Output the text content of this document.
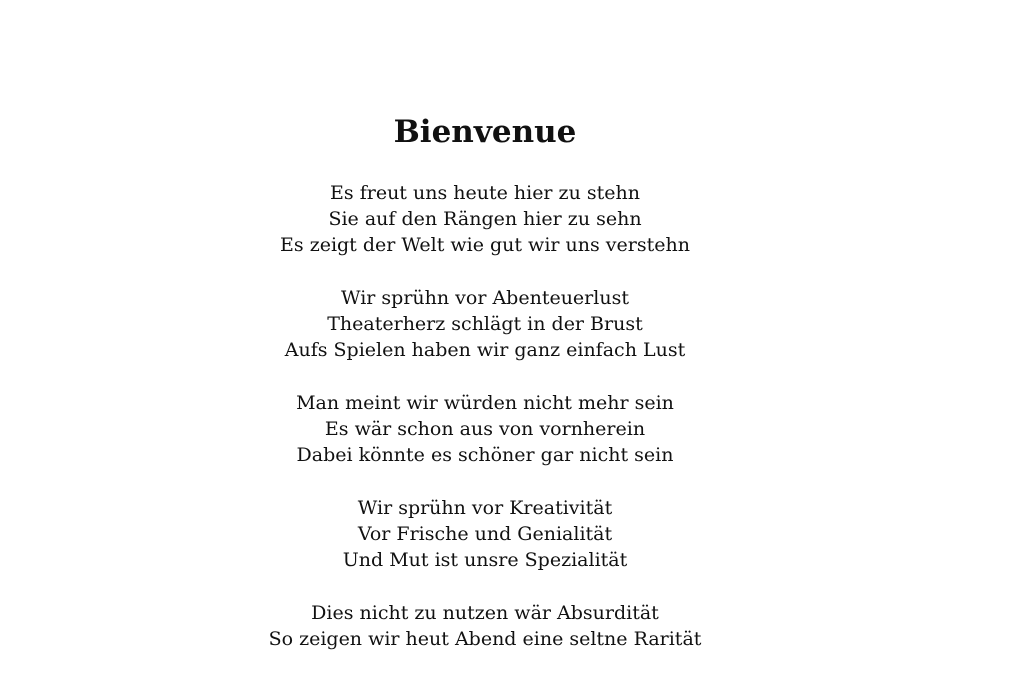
Bienvenue
Es freut uns heute hier zu stehn
Sie auf den Rängen hier zu sehn
Es zeigt der Welt wie gut wir uns verstehn
Wir sprühn vor Abenteuerlust
Theaterherz schlägt in der Brust
Aufs Spielen haben wir ganz einfach Lust
Man meint wir würden nicht mehr sein
Es wär schon aus von vornherein
Dabei könnte es schöner gar nicht sein
Wir sprühn vor Kreativität
Vor Frische und Genialität
Und Mut ist unsre Spezialität
Dies nicht zu nutzen wär Absurdität
So zeigen wir heut Abend eine seltne Rarität
